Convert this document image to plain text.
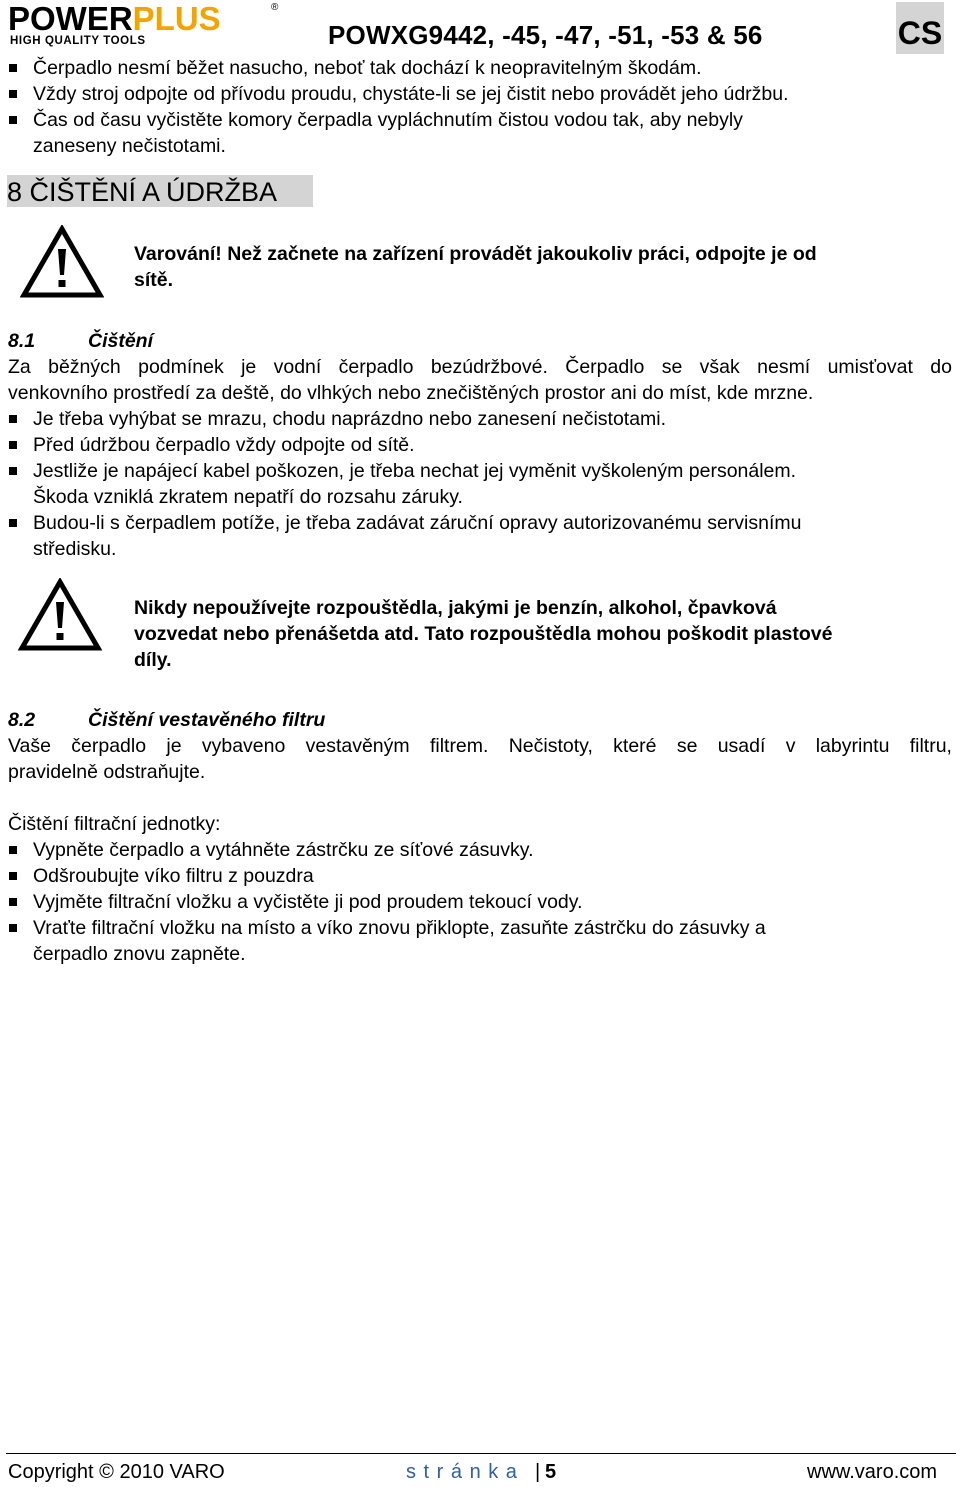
POWERPLUS	®
HIGH QUALITY TOOLS	POWXG9442, -45, -47, -51, -53 & 56	CS
Čerpadlo nesmí běžet nasucho, neboť tak dochází k neopravitelným škodám.
Vždy stroj odpojte od přívodu proudu, chystáte-li se jej čistit nebo provádět jeho údržbu.
Čas od času vyčistěte komory čerpadla vypláchnutím čistou vodou tak, aby nebyly
zaneseny nečistotami.
8 ČIŠTĚNÍ A ÚDRŽBA
Varování! Než začnete na zařízení provádět jakoukoliv práci, odpojte je od
sítě.
8.1	Čištění
Za běžných podmínek je vodní čerpadlo bezúdržbové. Čerpadlo se však nesmí umisťovat do
venkovního prostředí za deště, do vlhkých nebo znečištěných prostor ani do míst, kde mrzne.
Je třeba vyhýbat se mrazu, chodu naprázdno nebo zanesení nečistotami.
Před údržbou čerpadlo vždy odpojte od sítě.
Jestliže je napájecí kabel poškozen, je třeba nechat jej vyměnit vyškoleným personálem.
Škoda vzniklá zkratem nepatří do rozsahu záruky.
Budou-li s čerpadlem potíže, je třeba zadávat záruční opravy autorizovanému servisnímu
středisku.
Nikdy nepoužívejte rozpouštědla, jakými je benzín, alkohol, čpavková
vozvedat nebo přenášetda atd. Tato rozpouštědla mohou poškodit plastové
díly.
8.2	Čištění vestavěného filtru
Vaše čerpadlo je vybaveno vestavěným filtrem. Nečistoty, které se usadí v labyrintu filtru,
pravidelně odstraňujte.
Čištění filtrační jednotky:
Vypněte čerpadlo a vytáhněte zástrčku ze síťové zásuvky.
Odšroubujte víko filtru z pouzdra
Vyjměte filtrační vložku a vyčistěte ji pod proudem tekoucí vody.
Vraťte filtrační vložku na místo a víko znovu přiklopte, zasuňte zástrčku do zásuvky a
čerpadlo znovu zapněte.
Copyright © 2010 VARO	s t r á n k a | 5	www.varo.com
